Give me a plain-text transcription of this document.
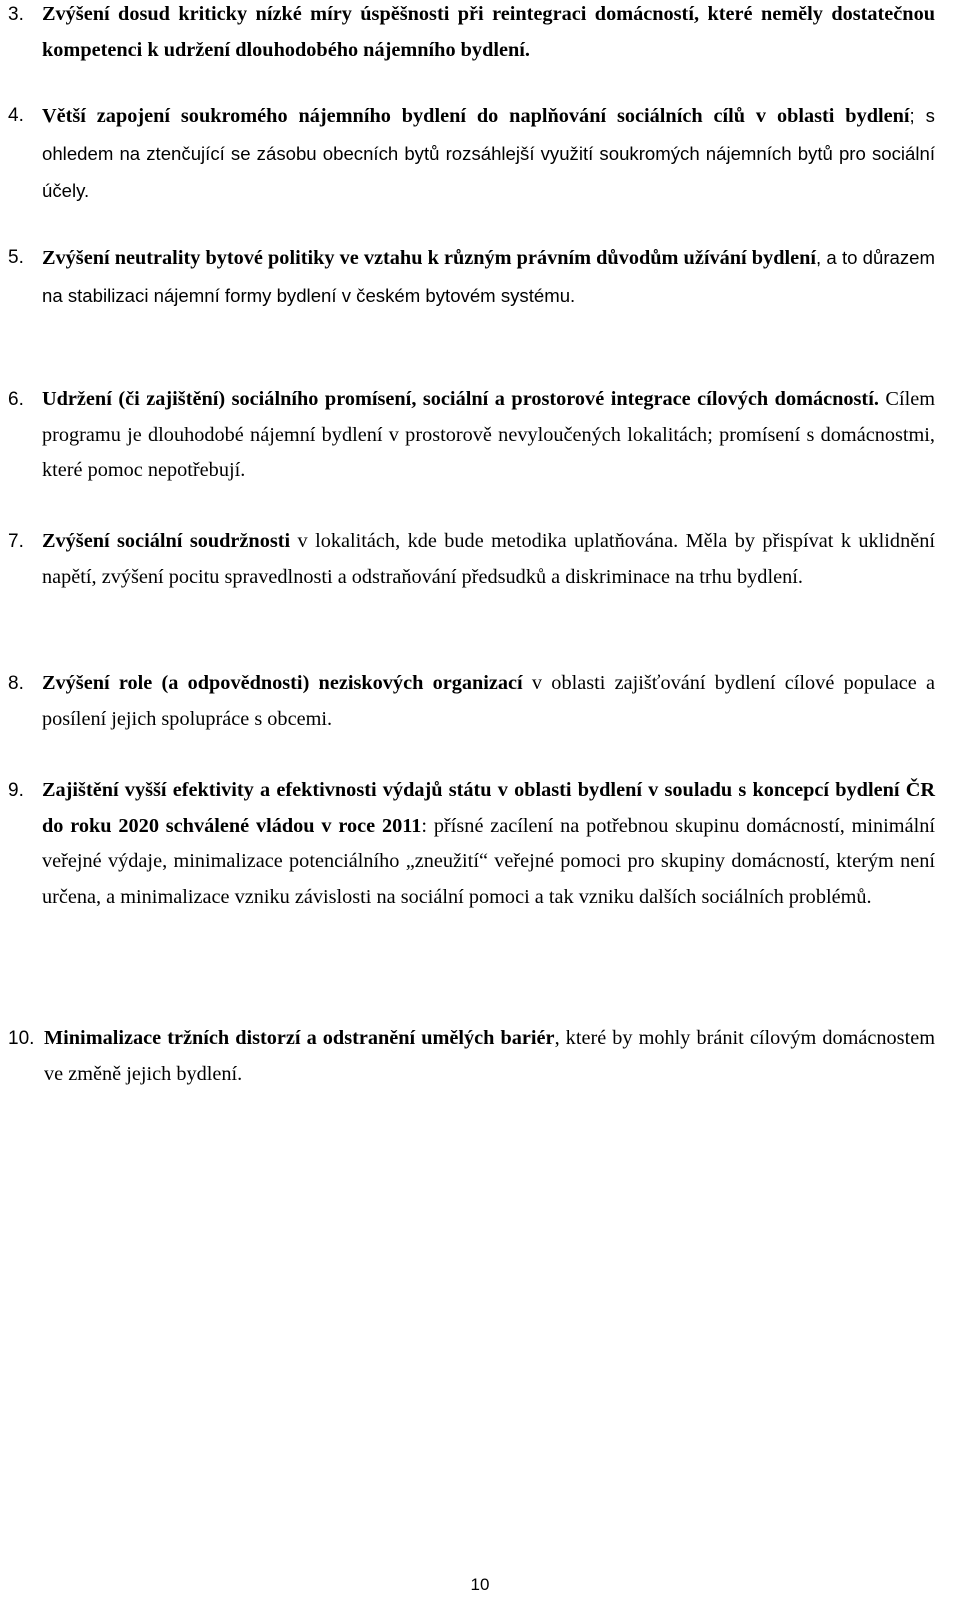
3. Zvýšení dosud kriticky nízké míry úspěšnosti při reintegraci domácností, které neměly dostatečnou kompetenci k udržení dlouhodobého nájemního bydlení.
4. Větší zapojení soukromého nájemního bydlení do naplňování sociálních cílů v oblasti bydlení; s ohledem na ztenčující se zásobu obecních bytů rozsáhlejší využití soukromých nájemních bytů pro sociální účely.
5. Zvýšení neutrality bytové politiky ve vztahu k různým právním důvodům užívání bydlení, a to důrazem na stabilizaci nájemní formy bydlení v českém bytovém systému.
6. Udržení (či zajištění) sociálního promísení, sociální a prostorové integrace cílových domácností. Cílem programu je dlouhodobé nájemní bydlení v prostorově nevyloučených lokalitách; promísení s domácnostmi, které pomoc nepotřebují.
7. Zvýšení sociální soudržnosti v lokalitách, kde bude metodika uplatňována. Měla by přispívat k uklidnění napětí, zvýšení pocitu spravedlnosti a odstraňování předsudků a diskriminace na trhu bydlení.
8. Zvýšení role (a odpovědnosti) neziskových organizací v oblasti zajišťování bydlení cílové populace a posílení jejich spolupráce s obcemi.
9. Zajištění vyšší efektivity a efektivnosti výdajů státu v oblasti bydlení v souladu s koncepcí bydlení ČR do roku 2020 schválené vládou v roce 2011: přísné zacílení na potřebnou skupinu domácností, minimální veřejné výdaje, minimalizace potenciálního „zneužití“ veřejné pomoci pro skupiny domácností, kterým není určena, a minimalizace vzniku závislosti na sociální pomoci a tak vzniku dalších sociálních problémů.
10. Minimalizace tržních distorzí a odstranění umělých bariér, které by mohly bránit cílovým domácnostem ve změně jejich bydlení.
10
